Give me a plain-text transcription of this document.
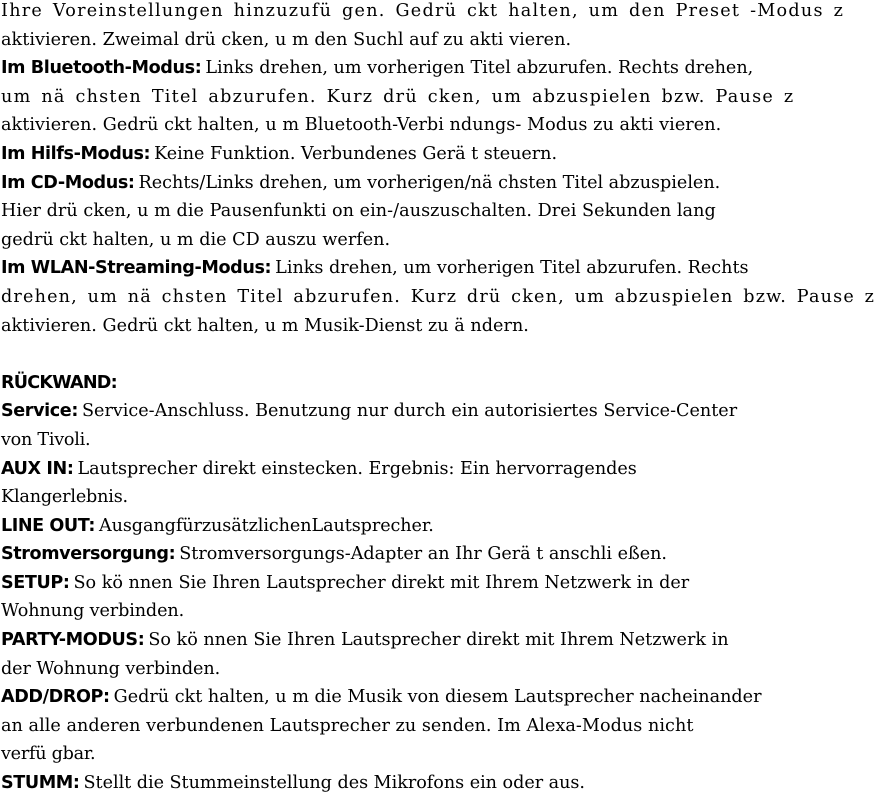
Ihre Voreinstellungen hinzuzufü gen. Gedrü ckt halten, um den Preset -Modus z
aktivieren. Zweimal drü cken, u m den Suchl auf zu akti vieren.
Im Bluetooth-Modus: Links drehen, um vorherigen Titel abzurufen. Rechts drehen,
um nä chsten Titel abzurufen. Kurz drü cken, um abzuspielen bzw. Pause z
aktivieren. Gedrü ckt halten, u m Bluetooth-Verbi ndungs- Modus zu akti vieren.
Im Hilfs-Modus: Keine Funktion. Verbundenes Gerä t steuern.
Im CD-Modus: Rechts/Links drehen, um vorherigen/nä chsten Titel abzuspielen.
Hier drü cken, u m die Pausenfunkti on ein-/auszuschalten. Drei Sekunden lang
gedrü ckt halten, u m die CD auszu werfen.
Im WLAN-Streaming-Modus: Links drehen, um vorherigen Titel abzurufen. Rechts
drehen, um nä chsten Titel abzurufen. Kurz drü cken, um abzuspielen bzw. Pause z
aktivieren. Gedrü ckt halten, u m Musik-Dienst zu ä ndern.
RÜCKWAND:
Service: Service-Anschluss. Benutzung nur durch ein autorisiertes Service-Center
von Tivoli.
AUX IN: Lautsprecher direkt einstecken. Ergebnis: Ein hervorragendes
Klangerlebnis.
LINE OUT: AusgangfürzusätzlichenLautsprecher.
Stromversorgung: Stromversorgungs-Adapter an Ihr Gerä t anschli eßen.
SETUP: So kö nnen Sie Ihren Lautsprecher direkt mit Ihrem Netzwerk in der
Wohnung verbinden.
PARTY-MODUS: So kö nnen Sie Ihren Lautsprecher direkt mit Ihrem Netzwerk in
der Wohnung verbinden.
ADD/DROP: Gedrü ckt halten, u m die Musik von diesem Lautsprecher nacheinander
an alle anderen verbundenen Lautsprecher zu senden. Im Alexa-Modus nicht
verfü gbar.
STUMM: Stellt die Stummeinstellung des Mikrofons ein oder aus.
